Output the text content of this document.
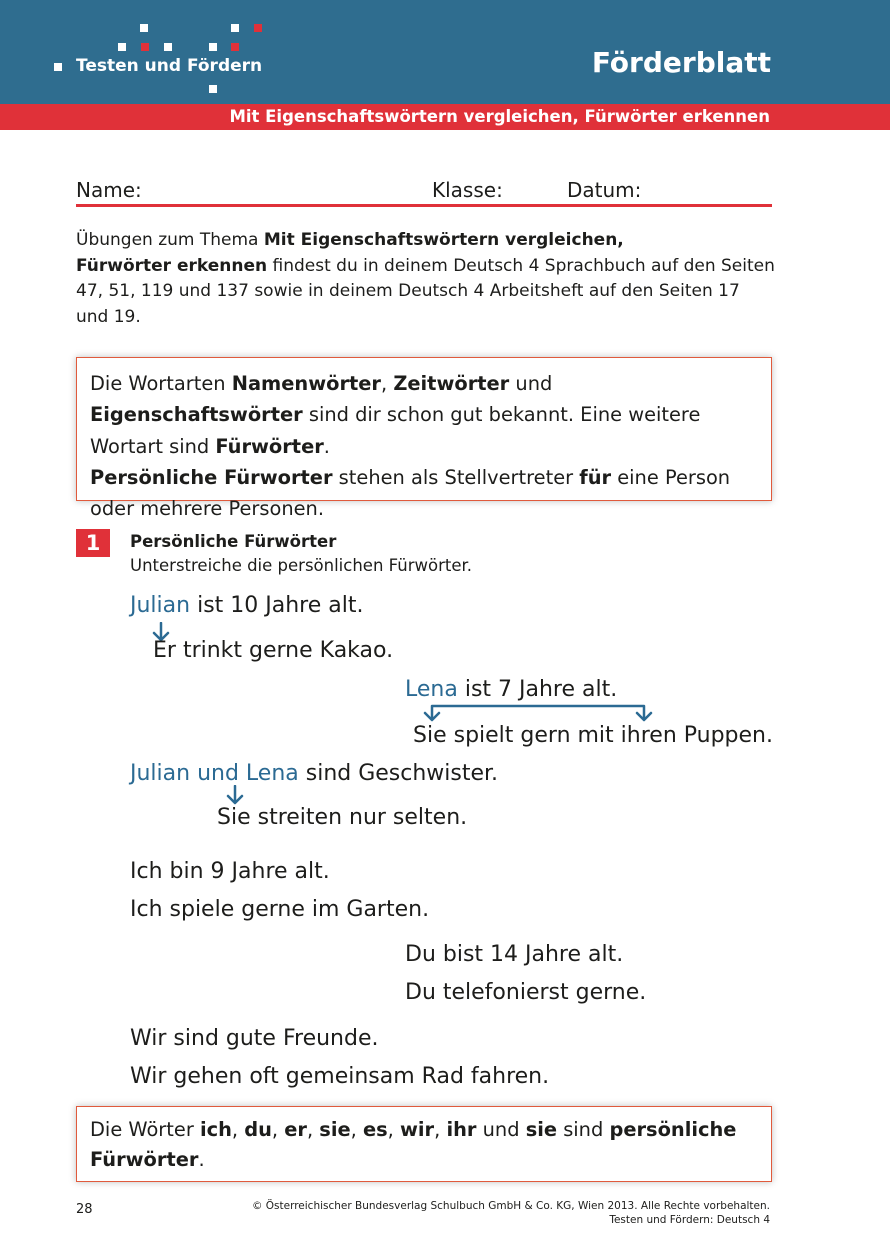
Testen und Fördern	Förderblatt
Mit Eigenschaftswörtern vergleichen, Fürwörter erkennen
Name:	Klasse:	Datum:
Übungen zum Thema Mit Eigenschaftswörtern vergleichen,
Fürwörter erkennen findest du in deinem Deutsch 4 Sprachbuch auf den Seiten 47, 51, 119 und 137 sowie in deinem Deutsch 4 Arbeitsheft auf den Seiten 17 und 19.
Die Wortarten Namenwörter, Zeitwörter und Eigenschaftswörter sind dir schon gut bekannt. Eine weitere Wortart sind Fürwörter.
Persönliche Fürworter stehen als Stellvertreter für eine Person oder mehrere Personen.
1	Persönliche Fürwörter
Unterstreiche die persönlichen Fürwörter.
Julian ist 10 Jahre alt.
Er trinkt gerne Kakao.
Lena ist 7 Jahre alt.
Sie spielt gern mit ihren Puppen.
Julian und Lena sind Geschwister.
Sie streiten nur selten.
Ich bin 9 Jahre alt.
Ich spiele gerne im Garten.
Du bist 14 Jahre alt.
Du telefonierst gerne.
Wir sind gute Freunde.
Wir gehen oft gemeinsam Rad fahren.
Die Wörter ich, du, er, sie, es, wir, ihr und sie sind persönliche Fürwörter.
28	© Österreichischer Bundesverlag Schulbuch GmbH & Co. KG, Wien 2013. Alle Rechte vorbehalten.
Testen und Fördern: Deutsch 4
